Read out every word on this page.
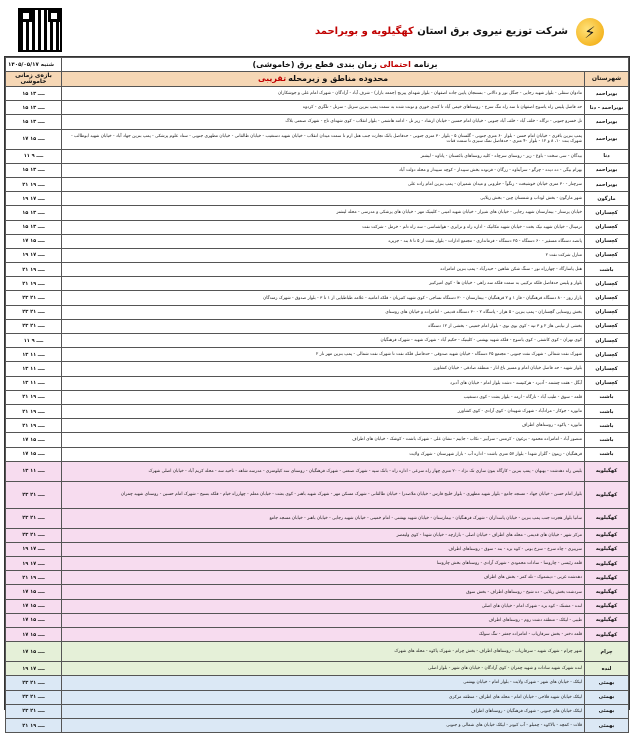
⚡
شرکت توزیع نیروی برق استان کهگیلویه و بویراحمد
برنامه احتمالی زمان بندی قطع برق (خاموشی)		شنبه ۱۴۰۵/۰۵/۱۷
شهرستان	محدوده مناطق و زیرمحله تقریبی	بازه‌ی زمانی خاموشی
بویراحمد	مادوان سفلی - بلوار شهید رجایی - جنگل نور و دالانی - بستنجان پایین جاده اصفهان - بلوار شهدای پیرنج (جمعه بازار) - شرف آباد - آزادگان - شهرک امام علی و جوشکاران	۱۵ ــــ ۱۳
بویراحمد - دنا	حد فاصل پلیس راه یاسوج اصفهان تا سه راه تنگ سرخ - روستاهای خیمی آباد تا کندی خوری و تونت شده به سمت پمپ بنزین سرتل - سرتل - تلگری - کردوه	۱۵ ــــ ۱۳
بویراحمد	تل خسرو جنوبی - ترگاه - خلف آباد - خلف آباد جنوبی - خیابان امام حسین - خیابان ارشاد - زیر تل - ادامه هاشمی - بلوار انقلاب - کوی شهدای تاج - شهرک صنعتی بلاگ	۱۵ ــــ ۱۳
بویراحمد	پمپ بنزین باقری - خیابان امام حسن - بلوار ۶۰ متری جنوبی - گلستان ۵ - بلوار ۳۰ متری جنوبی - حدفاصل بانک تجارت جنب هتل ارم تا سمت میدان انقلاب - خیابان شهید دستغیب - خیابان طالقانی - خیابان مطهری جنوبی - ستاد علوم پزشکی - پمپ بنزین جهاد آباد - خیابان شهید ابوطالب - شهرک بنت ۱۰، ۸ و ۱۲ - بلوار ۴۰ متری - حدفاصل نمک سبزی تا سمت قنات	۱۷ ــــ ۱۵
دنا	بیدگان - سی سخت - باوغ - زیر - روستای سرچاه - کلیه روستاهای باغستان - پاتاوه - لیشتر	۱۱ ــــ ۹
بویراحمد	بهرام بیگی - ده دیده - چرگو - سرآبتاوه - زرگان - فرتوده بخش سپیدار - کوچه سپیدار و محله دولت آباد	۱۵ ــــ ۱۳
بویراحمد	سرچنار - ۳۰ متری خیابان خوشبخت - زنگوآ - حلزونی و میدان شمیران - پمپ بنزین امام زاده علی	۲۱ ــــ ۱۹
مارگون	شهر مارگون - بخش لوداب و شمسان چین - بخش زیلایی	۱۹ ــــ ۱۷
کچساران	خیابان پرستار - بیمارستان شهید رجایی - خیابان های شیراز - خیابان شهید امینی - کلینیک مهر - خیابان های پزشکی و مدرسی - محله لیشتر	۱۵ ــــ ۱۳
کچساران	ترمینال - خیابان شهید نیک بخت - خیابان شهید مکانیک - اداره راه و ترابری - هواشناسی - سه راه دلم - خرمل - شرکت نفت	۱۵ ــــ ۱۳
کچساران	پانصد دستگاه مسقیر - ۶۰ دستگاه - ۲۵ دستگاه - فرمانداری - مجتمع ادارات - بلوار بعثت از ۵ تا ۸ بند - جزیره	۱۷ ــــ ۱۵
کچساران	منازل شرکت نفت ۲	۱۹ ــــ ۱۷
باشت	هتل پاسارگاد - چهارراه نور - سنگ شکن شاهین - حیدرآباد - پمپ بنزین امامزاده	۲۱ ــــ ۱۹
کچساران	بلوار و پلیس حدفاصل فلکه ترکیبی به سمت فلکه سه راهی - خیابان ها - کوی امیرکبیر	۲۱ ــــ ۱۹
کچساران	بازار روز - ۸۰ دستگاه فرهنگیان - فاز ۱ و ۲ فرهنگیان - بیمارستان - ۳۰ دستگاه نساجی - کوی شهید کتبریان - فلکه امامیه - علامه طباطبایی از ۱ تا ۳ - بلوار صدوق - شهرک زمندگان	۲۳ ــــ ۲۱
کچساران	بخش روستایی گچساران - پمپ بنزین - ۵ هزار - پاسگاه ۲ - ۳۰ دستگاه قدیمی - امامزاده و خیابان های روستای	۲۳ ــــ ۲۱
کچساران	بخشی از نیابتی هاژ ۲ و ۳ تپه - کوی بوی نوی - بلوار امام خمینی - بخشی از ۱۲ دستگاه	۲۳ ــــ ۲۱
کچساران	کوی تهران - کوی کاشفی - کوی یاسوج - فلکه شهید بهشتی - کلینیک - حکیم آباد - شهرک شهید - شهرک فرهنگیان	۱۱ ــــ ۹
کچساران	شهرک نفت شمالی - شهرک نفت جنوبی - مجتمع ۲۵ دستگاه - خیابان شهید صدوقی - حدفاصل فلکه نفت تا شهرک نفت شمالی - پمپ بنزین مهر ناز ۲	۱۳ ــــ ۱۱
کچساران	بلوار شهید - حد فاصل خیابان امام و مسیر باغ انار - منطقه صادقی - خیابان کشاورز	۱۳ ــــ ۱۱
کچساران	آبگل - هفت چشمه - آدبرد - هرکنیسه - دشت بلوار امام - خیابان های آدبرد	۱۳ ــــ ۱۱
باشت	قلعه - سوق - طیب آباد - نازگاه - ارمه - بلوار بعثت - کوی دستغیب	۲۱ ــــ ۱۹
باشت	مابوره - جوکار - مرادآباد - شهرک شهیدان - کوی آزادی - کوی کشاورز	۲۱ ــــ ۱۹
باشت	مابوره - پاکوه - روستاهای اطراف	۲۱ ــــ ۱۹
باشت	منصور آباد - امامزاده محمود - برغون - کرمس - سرآبیر - تکاب - جاییم - نشان علی - شهرک باشت - کوشک - خیابان های اطراف	۱۷ ــــ ۱۵
باشت	فرهنگیان - زیتون - گلزار شهدا - بلوار ۵۷ متری باشت - اداره آب - بازار شهرستان - شهرک ولایت	۱۷ ــــ ۱۵
کهگیلویه	بلیس راه دهدشت - بهبهان - پمپ بنزین - کارگاه بتون سازی تک نژاد - ۲۰ متری چهار راه سرعی - اداره راه - بانک سپه - شهرک صنعتی - شهرک فرهنگیان - روستای سه کیلومتری - مدرسه شاهد - ناحیه سه - محله کریم آباد - خیابان اصلی شهرک	۱۳ ــــ ۱۱
کهگیلویه	بلوار امام حسن - خیابان جهاد - مسجد جامع - بلوار شهید مطهری - بلوار خلیج فارس - خیابان ملاصدرا - خیابان طالقانی - شهرک مسکن مهر - شهرک شهید باهنر - کوی بعثت - خیابان معلم - چهارراه خیام - فلکه بسیج - شهرک امام حسین - روستای شهید چمران	۲۳ ــــ ۲۱
کهگیلویه	سانیا بلوار هجرت جنب پمپ بنزین - خیابان پاسداران - شهرک فرهنگیان - بیمارستان - خیابان شهید بهشتی - امام خمینی - خیابان شهید رجایی - خیابان باهنر - خیابان مسجد جامع	۲۳ ــــ ۲۱
کهگیلویه	مرکز شهر - خیابان های قدیمی - محله های اطراف - خیابان اصلی - بازارچه - خیابان شهدا - کوی ولیعصر	۲۳ ــــ ۲۱
کهگیلویه	سرییری - چاه سرخ - سرخ بوتی - کوه بره - بنه - سوق - روستاهای اطراف	۱۹ ــــ ۱۷
کهگیلویه	قلعه رئیسی - چاروسا - سادات محمودی - شهرک آزادی - روستاهای بخش چاروسا	۱۹ ــــ ۱۷
کهگیلویه	دهدشت غربی - دیشموک - تله کمر - بخش های اطراف	۲۱ ــــ ۱۹
کهگیلویه	سردشت بخش زیلایی - ده شیخ - روستاهای اطراف - بخش سوق	۱۷ ــــ ۱۵
کهگیلویه	لنده - مشتک - کوه بره - شهرک امام - خیابان های اصلی	۱۷ ــــ ۱۵
کهگیلویه	طیبی - لیکک - منطقه دشت روم - روستاهای اطراف	۱۷ ــــ ۱۵
کهگیلویه	قلعه دختر - بخش سرفاریاب - امامزاده جعفر - تنگ سولک	۱۷ ــــ ۱۵
چرام	شهر چرام - شهرک شهید - سرفاریاب - روستاهای اطراف - بخش چرام - شهرک پاکوه - محله های شهرک	۱۷ ــــ ۱۵
لنده	لنده شهرک شهید سادات و شهید چمران - کوی آزادگان - خیابان های شهر - بلوار اصلی	۱۹ ــــ ۱۷
بهمئی	لیکک - خیابان های شهر - شهرک ولایت - بلوار امام - خیابان بهشتی	۲۳ ــــ ۲۱
بهمئی	لیکک خیابان شهید فلاحی - خیابان امام - محله های اطراف - منطقه مرکزی	۲۳ ــــ ۲۱
بهمئی	لیکک خیابان های جنوبی - شهرک فرهنگیان - روستاهای اطراف	۲۳ ــــ ۲۱
بهمئی	قلات - کمچه - بالاکوه - چمبلو - آب کبوتر - لیکک خیابان های شمالی و جنوبی	۲۱ ــــ ۱۹
